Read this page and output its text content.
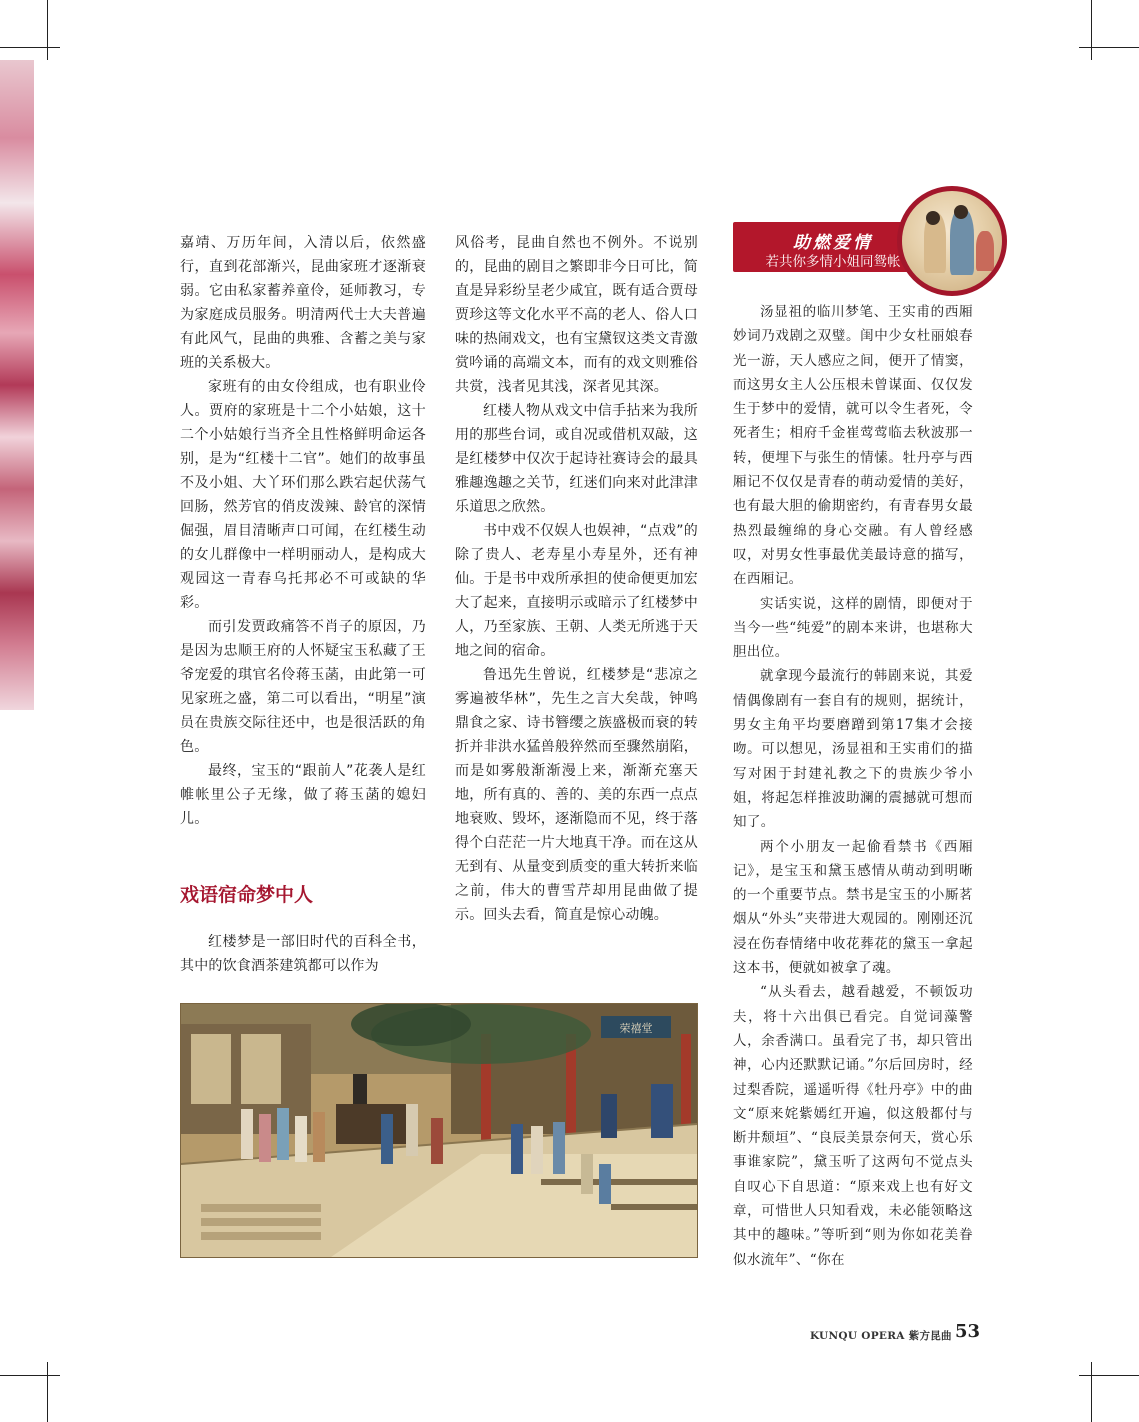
嘉靖、万历年间，入清以后，依然盛行，直到花部渐兴，昆曲家班才逐渐衰弱。它由私家蓄养童伶，延师教习，专为家庭成员服务。明清两代士大夫普遍有此风气，昆曲的典雅、含蓄之美与家班的关系极大。

家班有的由女伶组成，也有职业伶人。贾府的家班是十二个小姑娘，这十二个小姑娘行当齐全且性格鲜明命运各别，是为“红楼十二官”。她们的故事虽不及小姐、大丫环们那么跌宕起伏荡气回肠，然芳官的俏皮泼辣、龄官的深情倔强，眉目清晰声口可闻，在红楼生动的女儿群像中一样明丽动人，是构成大观园这一青春乌托邦必不可或缺的华彩。

而引发贾政痛答不肖子的原因，乃是因为忠顺王府的人怀疑宝玉私藏了王爷宠爱的琪官名伶蒋玉菡，由此第一可见家班之盛，第二可以看出，“明星”演员在贵族交际往还中，也是很活跃的角色。

最终，宝玉的“跟前人”花袭人是红帷帐里公子无缘，做了蒋玉菡的媳妇儿。

戏语宿命梦中人

红楼梦是一部旧时代的百科全书，其中的饮食酒茶建筑都可以作为

风俗考，昆曲自然也不例外。不说别的，昆曲的剧目之繁即非今日可比，简直是异彩纷呈老少咸宜，既有适合贾母贾珍这等文化水平不高的老人、俗人口味的热闹戏文，也有宝黛钗这类文青激赏吟诵的高端文本，而有的戏文则雅俗共赏，浅者见其浅，深者见其深。

红楼人物从戏文中信手拈来为我所用的那些台词，或自况或借机双敲，这是红楼梦中仅次于起诗社赛诗会的最具雅趣逸趣之关节，红迷们向来对此津津乐道思之欣然。

书中戏不仅娱人也娱神，“点戏”的除了贵人、老寿星小寿星外，还有神仙。于是书中戏所承担的使命便更加宏大了起来，直接明示或暗示了红楼梦中人，乃至家族、王朝、人类无所逃于天地之间的宿命。

鲁迅先生曾说，红楼梦是“悲凉之雾遍被华林”，先生之言大矣哉，钟鸣鼎食之家、诗书簪缨之族盛极而衰的转折并非洪水猛兽般猝然而至骤然崩陷，而是如雾般渐渐漫上来，渐渐充塞天地，所有真的、善的、美的东西一点点地衰败、毁坏，逐渐隐而不见，终于落得个白茫茫一片大地真干净。而在这从无到有、从量变到质变的重大转折来临之前，伟大的曹雪芹却用昆曲做了提示。回头去看，简直是惊心动魄。

助燃爱情
若共你多情小姐同鸳帐

汤显祖的临川梦笔、王实甫的西厢妙词乃戏剧之双璧。闺中少女杜丽娘春光一游，天人感应之间，便开了情窦，而这男女主人公压根未曾谋面、仅仅发生于梦中的爱情，就可以令生者死，令死者生；相府千金崔莺莺临去秋波那一转，便埋下与张生的情愫。牡丹亭与西厢记不仅仅是青春的萌动爱情的美好，也有最大胆的偷期密约，有青春男女最热烈最缠绵的身心交融。有人曾经感叹，对男女性事最优美最诗意的描写，在西厢记。

实话实说，这样的剧情，即便对于当今一些“纯爱”的剧本来讲，也堪称大胆出位。

就拿现今最流行的韩剧来说，其爱情偶像剧有一套自有的规则，据统计，男女主角平均要磨蹭到第17集才会接吻。可以想见，汤显祖和王实甫们的描写对困于封建礼教之下的贵族少爷小姐，将起怎样推波助澜的震撼就可想而知了。

两个小朋友一起偷看禁书《西厢记》，是宝玉和黛玉感情从萌动到明晰的一个重要节点。禁书是宝玉的小厮茗烟从“外头”夹带进大观园的。刚刚还沉浸在伤春情绪中收花葬花的黛玉一拿起这本书，便就如被拿了魂。

“从头看去，越看越爱，不顿饭功夫，将十六出俱已看完。自觉词藻警人，余香满口。虽看完了书，却只管出神，心内还默默记诵。”尔后回房时，经过梨香院，遥遥听得《牡丹亭》中的曲文“原来姹紫嫣红开遍，似这般都付与断井颓垣”、“良辰美景奈何天，赏心乐事谁家院”，黛玉听了这两句不觉点头自叹心下自思道：“原来戏上也有好文章，可惜世人只知看戏，未必能领略这其中的趣味。”等听到“则为你如花美眷似水流年”、“你在

荣禧堂
KUNQU OPERA 紫方昆曲 53
